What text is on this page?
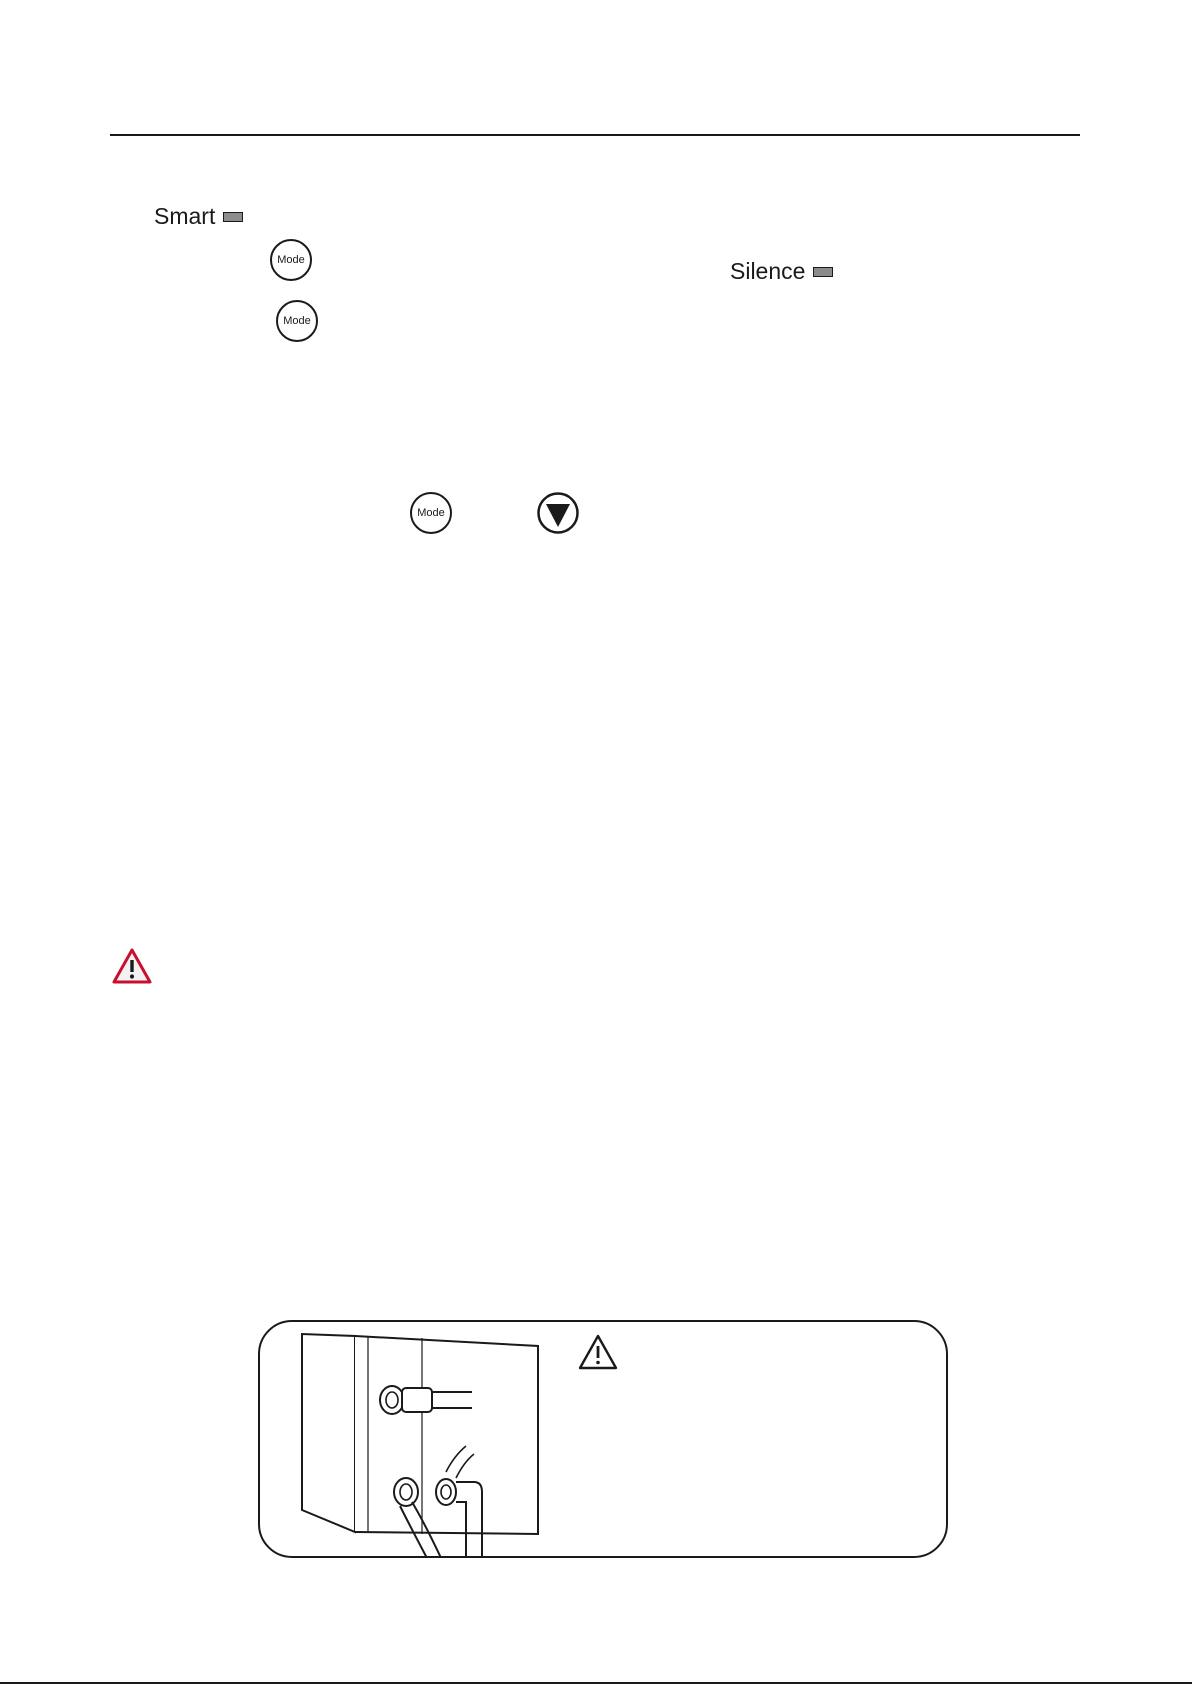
Smart
Silence
Mode
Mode
Mode
